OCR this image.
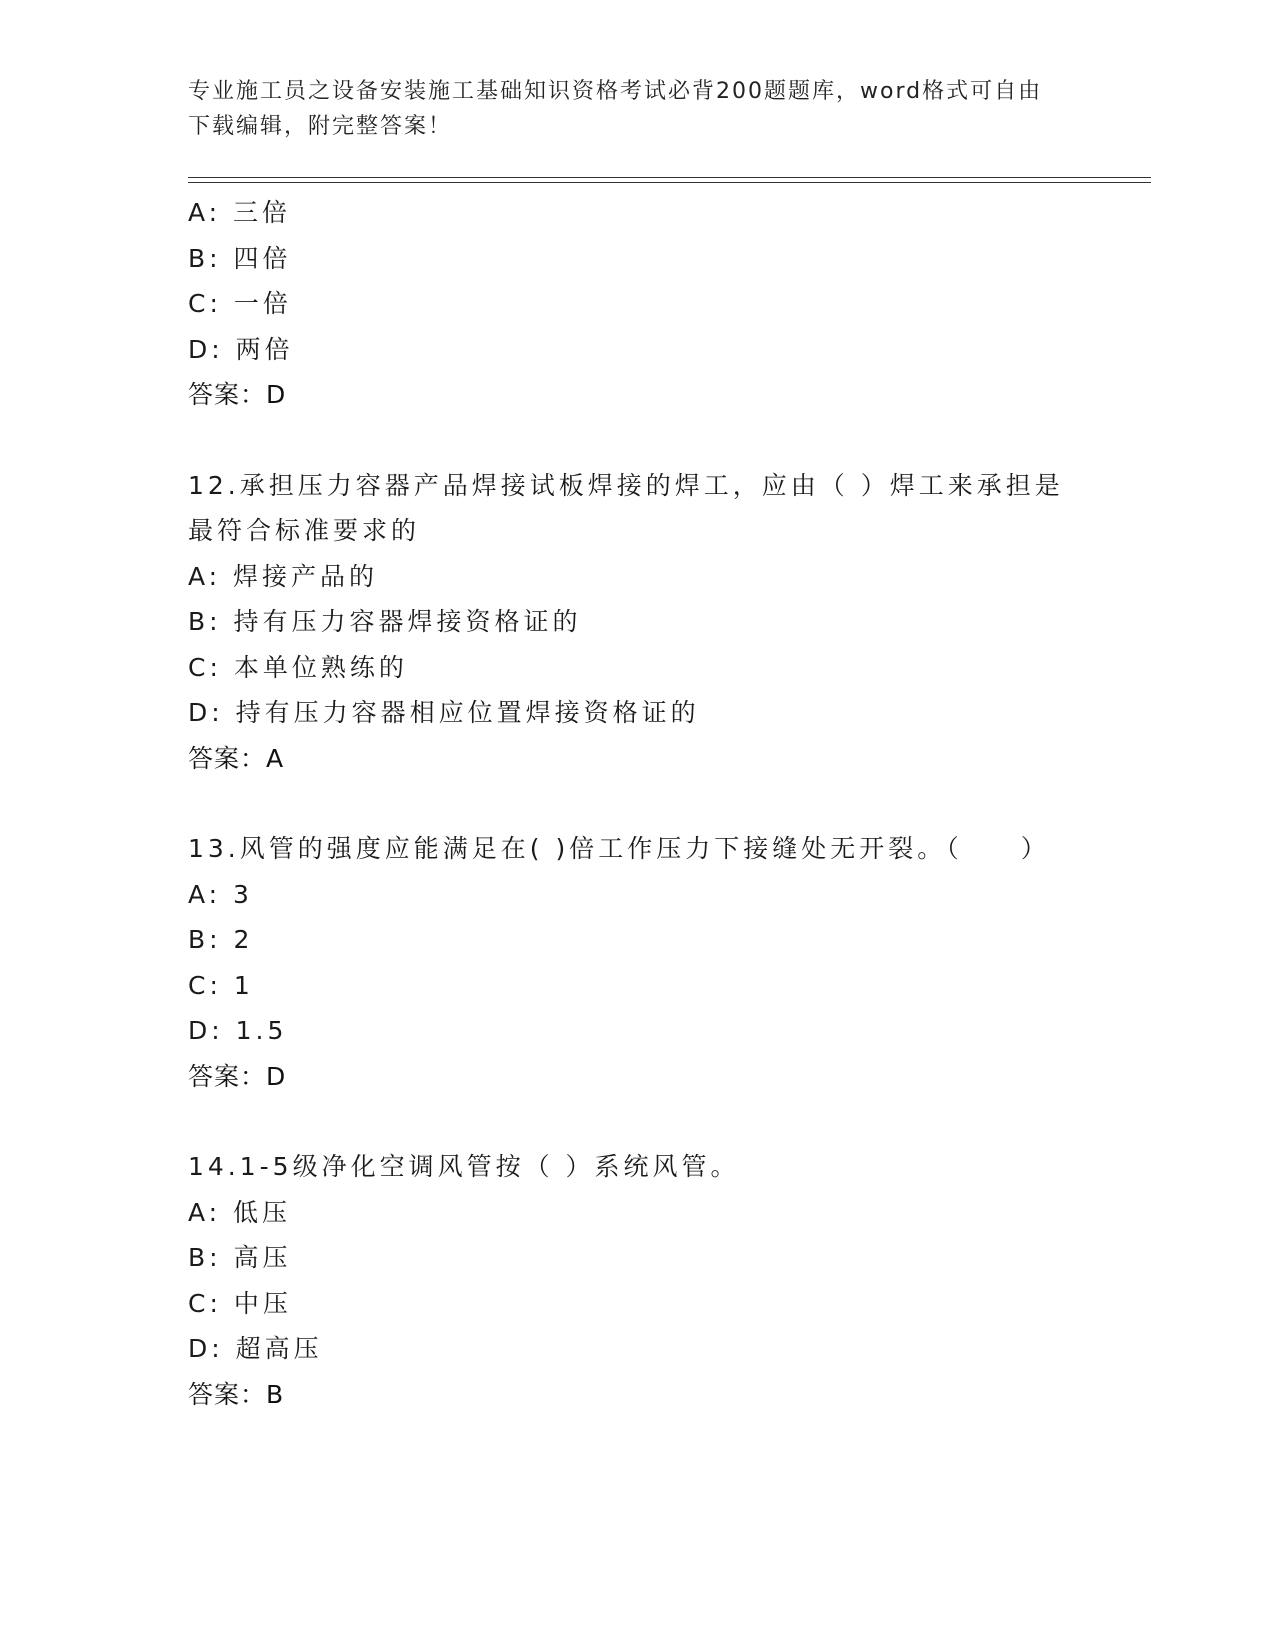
专业施工员之设备安装施工基础知识资格考试必背200题题库，word格式可自由
下载编辑，附完整答案！
A: 三倍
B: 四倍
C: 一倍
D: 两倍
答案：D
12.承担压力容器产品焊接试板焊接的焊工，应由（ ）焊工来承担是
最符合标准要求的
A: 焊接产品的
B: 持有压力容器焊接资格证的
C: 本单位熟练的
D: 持有压力容器相应位置焊接资格证的
答案：A
13.风管的强度应能满足在( )倍工作压力下接缝处无开裂。（　　）
A: 3
B: 2
C: 1
D: 1.5
答案：D
14.1-5级净化空调风管按（ ）系统风管。
A: 低压
B: 高压
C: 中压
D: 超高压
答案：B
